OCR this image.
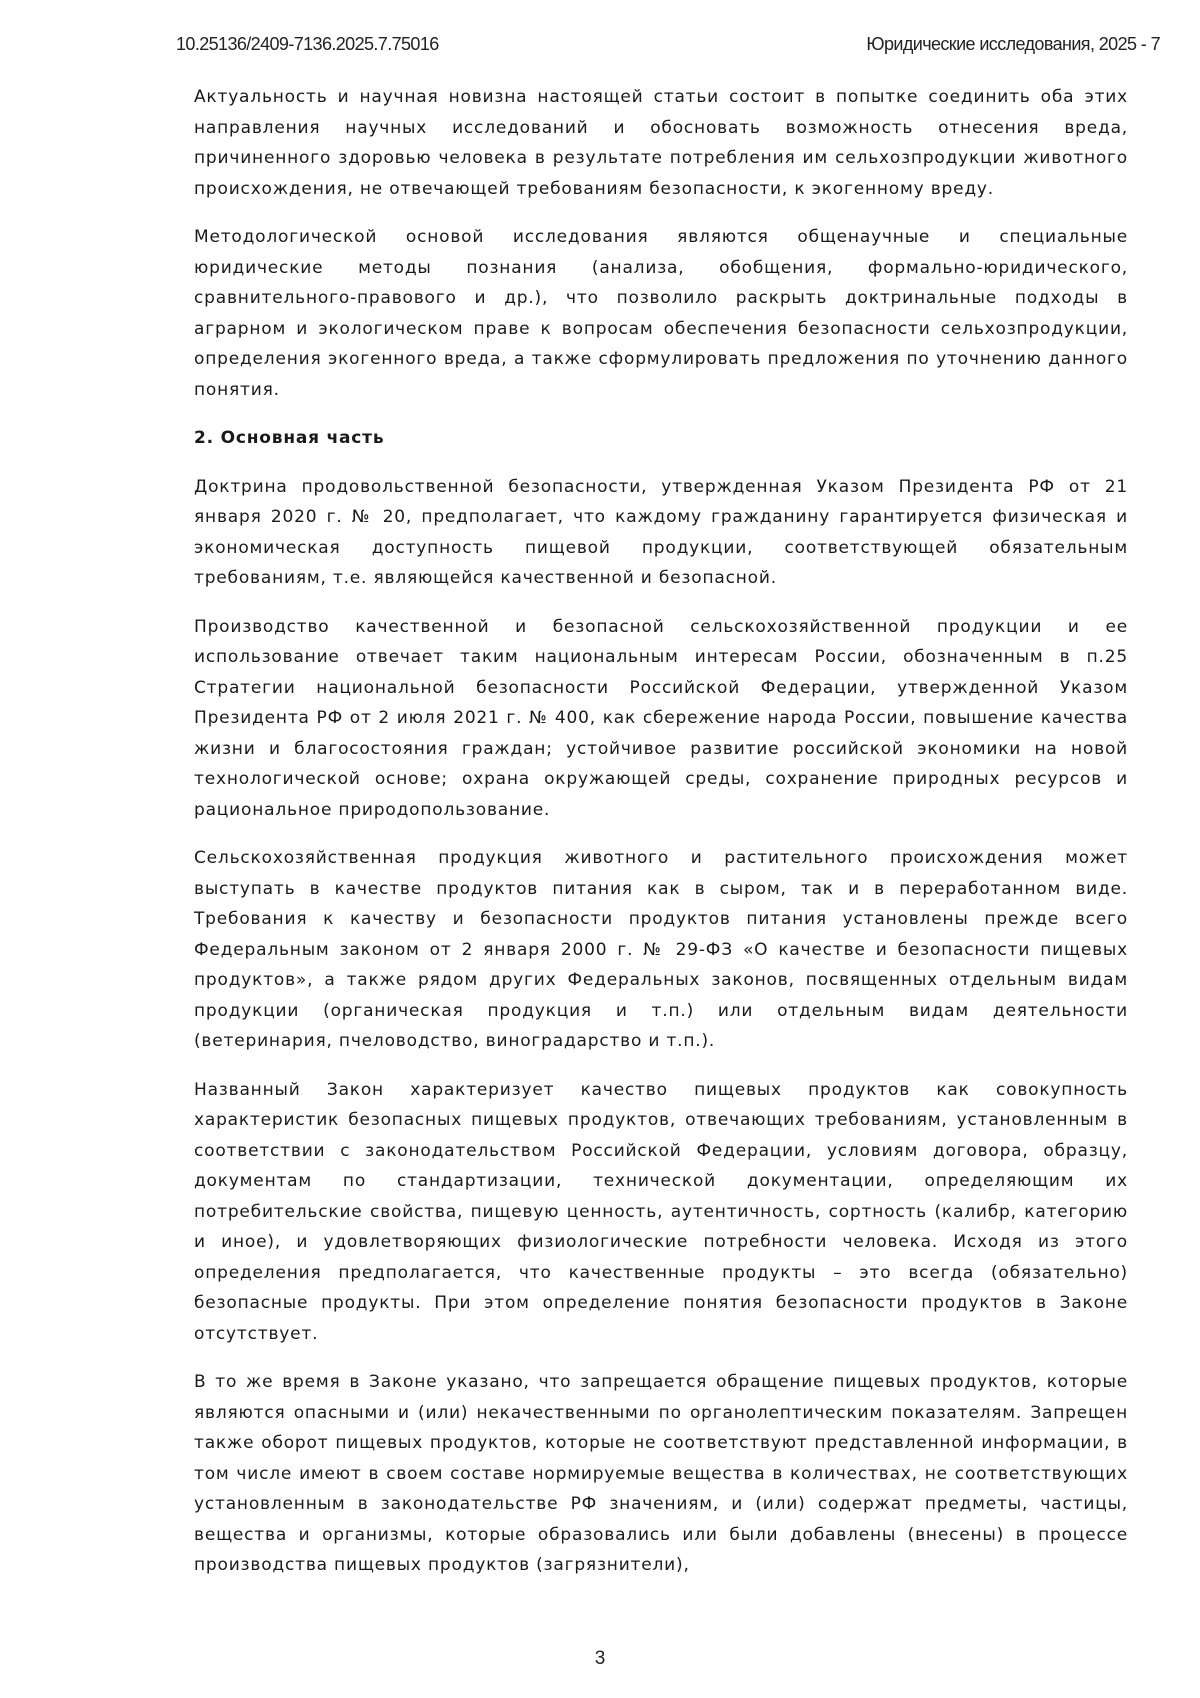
10.25136/2409-7136.2025.7.75016	Юридические исследования, 2025 - 7

Актуальность и научная новизна настоящей статьи состоит в попытке соединить оба этих направления научных исследований и обосновать возможность отнесения вреда, причиненного здоровью человека в результате потребления им сельхозпродукции животного происхождения, не отвечающей требованиям безопасности, к экогенному вреду.

Методологической основой исследования являются общенаучные и специальные юридические методы познания (анализа, обобщения, формально-юридического, сравнительного-правового и др.), что позволило раскрыть доктринальные подходы в аграрном и экологическом праве к вопросам обеспечения безопасности сельхозпродукции, определения экогенного вреда, а также сформулировать предложения по уточнению данного понятия.

2. Основная часть

Доктрина продовольственной безопасности, утвержденная Указом Президента РФ от 21 января 2020 г. № 20, предполагает, что каждому гражданину гарантируется физическая и экономическая доступность пищевой продукции, соответствующей обязательным требованиям, т.е. являющейся качественной и безопасной.

Производство качественной и безопасной сельскохозяйственной продукции и ее использование отвечает таким национальным интересам России, обозначенным в п.25 Стратегии национальной безопасности Российской Федерации, утвержденной Указом Президента РФ от 2 июля 2021 г. № 400, как сбережение народа России, повышение качества жизни и благосостояния граждан; устойчивое развитие российской экономики на новой технологической основе; охрана окружающей среды, сохранение природных ресурсов и рациональное природопользование.

Сельскохозяйственная продукция животного и растительного происхождения может выступать в качестве продуктов питания как в сыром, так и в переработанном виде. Требования к качеству и безопасности продуктов питания установлены прежде всего Федеральным законом от 2 января 2000 г. № 29-ФЗ «О качестве и безопасности пищевых продуктов», а также рядом других Федеральных законов, посвященных отдельным видам продукции (органическая продукция и т.п.) или отдельным видам деятельности (ветеринария, пчеловодство, виноградарство и т.п.).

Названный Закон характеризует качество пищевых продуктов как совокупность характеристик безопасных пищевых продуктов, отвечающих требованиям, установленным в соответствии с законодательством Российской Федерации, условиям договора, образцу, документам по стандартизации, технической документации, определяющим их потребительские свойства, пищевую ценность, аутентичность, сортность (калибр, категорию и иное), и удовлетворяющих физиологические потребности человека. Исходя из этого определения предполагается, что качественные продукты – это всегда (обязательно) безопасные продукты. При этом определение понятия безопасности продуктов в Законе отсутствует.

В то же время в Законе указано, что запрещается обращение пищевых продуктов, которые являются опасными и (или) некачественными по органолептическим показателям. Запрещен также оборот пищевых продуктов, которые не соответствуют представленной информации, в том числе имеют в своем составе нормируемые вещества в количествах, не соответствующих установленным в законодательстве РФ значениям, и (или) содержат предметы, частицы, вещества и организмы, которые образовались или были добавлены (внесены) в процессе производства пищевых продуктов (загрязнители),

3
